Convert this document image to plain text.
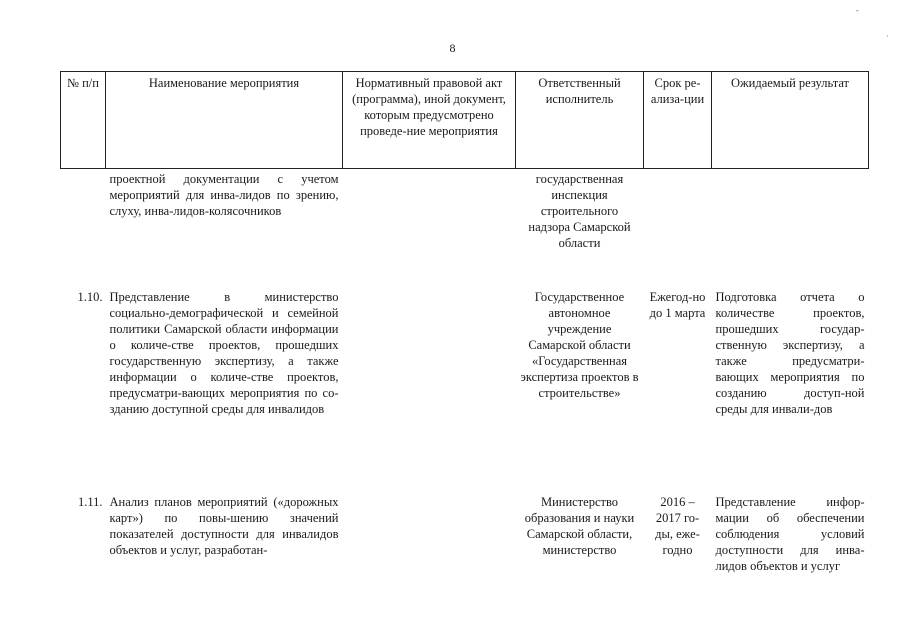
-
·
8
№ п/п	Наименование мероприятия	Нормативный правовой акт (программа), иной документ, которым предусмотрено проведе-ние мероприятия	Ответственный исполнитель	Срок ре-ализа-ции	Ожидаемый результат
	проектной документации с учетом мероприятий для инва-лидов по зрению, слуху, инва-лидов-колясочников		государственная инспекция строительного надзора Самарской области		
1.10.	Представление в министерство социально-демографической и семейной политики Самарской области информации о количе-стве проектов, прошедших государственную экспертизу, а также информации о количе-стве проектов, предусматри-вающих мероприятия по со-зданию доступной среды для инвалидов		Государственное автономное учреждение Самарской области «Государственная экспертиза проектов в строительстве»	Ежегод-но до 1 марта	Подготовка отчета о количестве проектов, прошедших государ-ственную экспертизу, а также предусматри-вающих мероприятия по созданию доступ-ной среды для инвали-дов
1.11.	Анализ планов мероприятий («дорожных карт») по повы-шению значений показателей доступности для инвалидов объектов и услуг, разработан-		Министерство образования и науки Самарской области, министерство	2016 – 2017 го-ды, еже-годно	Представление инфор-мации об обеспечении соблюдения условий доступности для инва-лидов объектов и услуг
